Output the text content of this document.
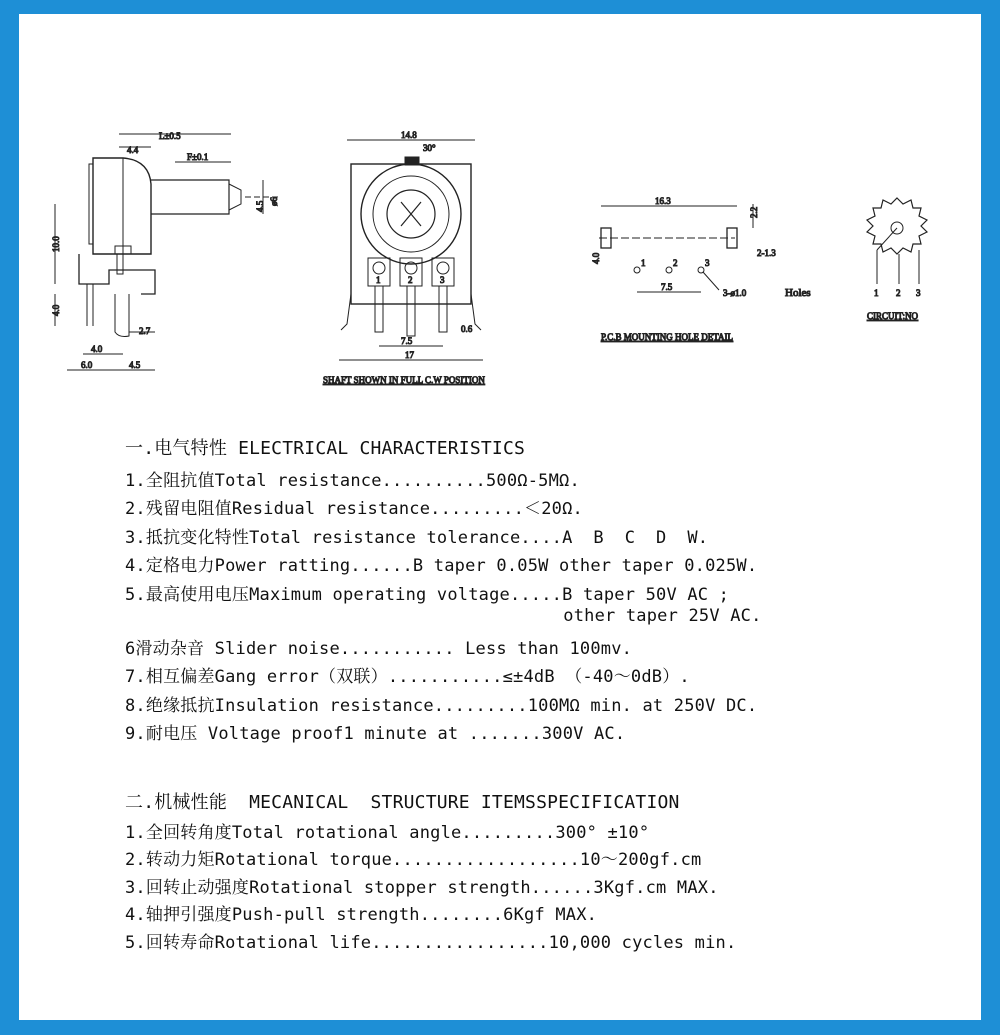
L±0.5
4.4
F±0.1
ø6
4.5
10.0
4.0
2.7
4.0
6.0	4.5
14.8
30°
1	2	3
7.5
0.6
17
SHAFT SHOWN IN FULL C.W POSITION
16.3
2.2
2-1.3
4.0	1	2	3
7.5
3-ø1.0	Holes
P.C.B MOUNTING HOLE DETAIL
1 2 3
CIRCUIT:NO
一.电气特性 ELECTRICAL CHARACTERISTICS
1.全阻抗值Total resistance..........500Ω-5MΩ.
2.残留电阻值Residual resistance.........＜20Ω.
3.抵抗变化特性Total resistance tolerance....A  B  C  D  W.
4.定格电力Power ratting......B taper 0.05W other taper 0.025W.
5.最高使用电压Maximum operating voltage.....B taper 50V AC ;
other taper 25V AC.
6滑动杂音 Slider noise........... Less than 100mv.
7.相互偏差Gang error（双联）...........≤±4dB （-40～0dB）.
8.绝缘抵抗Insulation resistance.........100MΩ min. at 250V DC.
9.耐电压 Voltage proof1 minute at .......300V AC.
二.机械性能  MECANICAL  STRUCTURE ITEMSSPECIFICATION
1.全回转角度Total rotational angle.........300° ±10°
2.转动力矩Rotational torque..................10～200gf.cm
3.回转止动强度Rotational stopper strength......3Kgf.cm MAX.
4.轴押引强度Push-pull strength........6Kgf MAX.
5.回转寿命Rotational life.................10,000 cycles min.
